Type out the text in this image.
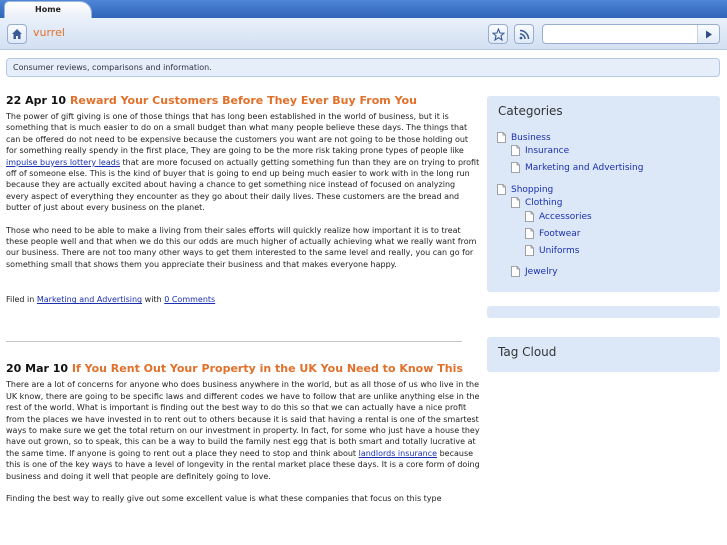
Home
vurrel
Consumer reviews, comparisons and information.
22 Apr 10 Reward Your Customers Before They Ever Buy From You

The power of gift giving is one of those things that has long been established in the world of business, but it is something that is much easier to do on a small budget than what many people believe these days. The things that can be offered do not need to be expensive because the customers you want are not going to be those holding out for something really spendy in the first place, They are going to be the more risk taking prone types of people like impulse buyers lottery leads that are more focused on actually getting something fun than they are on trying to profit off of someone else. This is the kind of buyer that is going to end up being much easier to work with in the long run because they are actually excited about having a chance to get something nice instead of focused on analyzing every aspect of everything they encounter as they go about their daily lives. These customers are the bread and butter of just about every business on the planet.

Those who need to be able to make a living from their sales efforts will quickly realize how important it is to treat these people well and that when we do this our odds are much higher of actually achieving what we really want from our business. There are not too many other ways to get them interested to the same level and really, you can go for something small that shows them you appreciate their business and that makes everyone happy.

Filed in Marketing and Advertising with 0 Comments
20 Mar 10 If You Rent Out Your Property in the UK You Need to Know This

There are a lot of concerns for anyone who does business anywhere in the world, but as all those of us who live in the UK know, there are going to be specific laws and different codes we have to follow that are unlike anything else in the rest of the world. What is important is finding out the best way to do this so that we can actually have a nice profit from the places we have invested in to rent out to others because it is said that having a rental is one of the smartest ways to make sure we get the total return on our investment in property. In fact, for some who just have a house they have out grown, so to speak, this can be a way to build the family nest egg that is both smart and totally lucrative at the same time. If anyone is going to rent out a place they need to stop and think about landlords insurance because this is one of the key ways to have a level of longevity in the rental market place these days. It is a core form of doing business and doing it well that people are definitely going to love.

Finding the best way to really give out some excellent value is what these companies that focus on this type

Categories
Business
Insurance
Marketing and Advertising
Shopping
Clothing
Accessories
Footwear
Uniforms
Jewelry
Tag Cloud
